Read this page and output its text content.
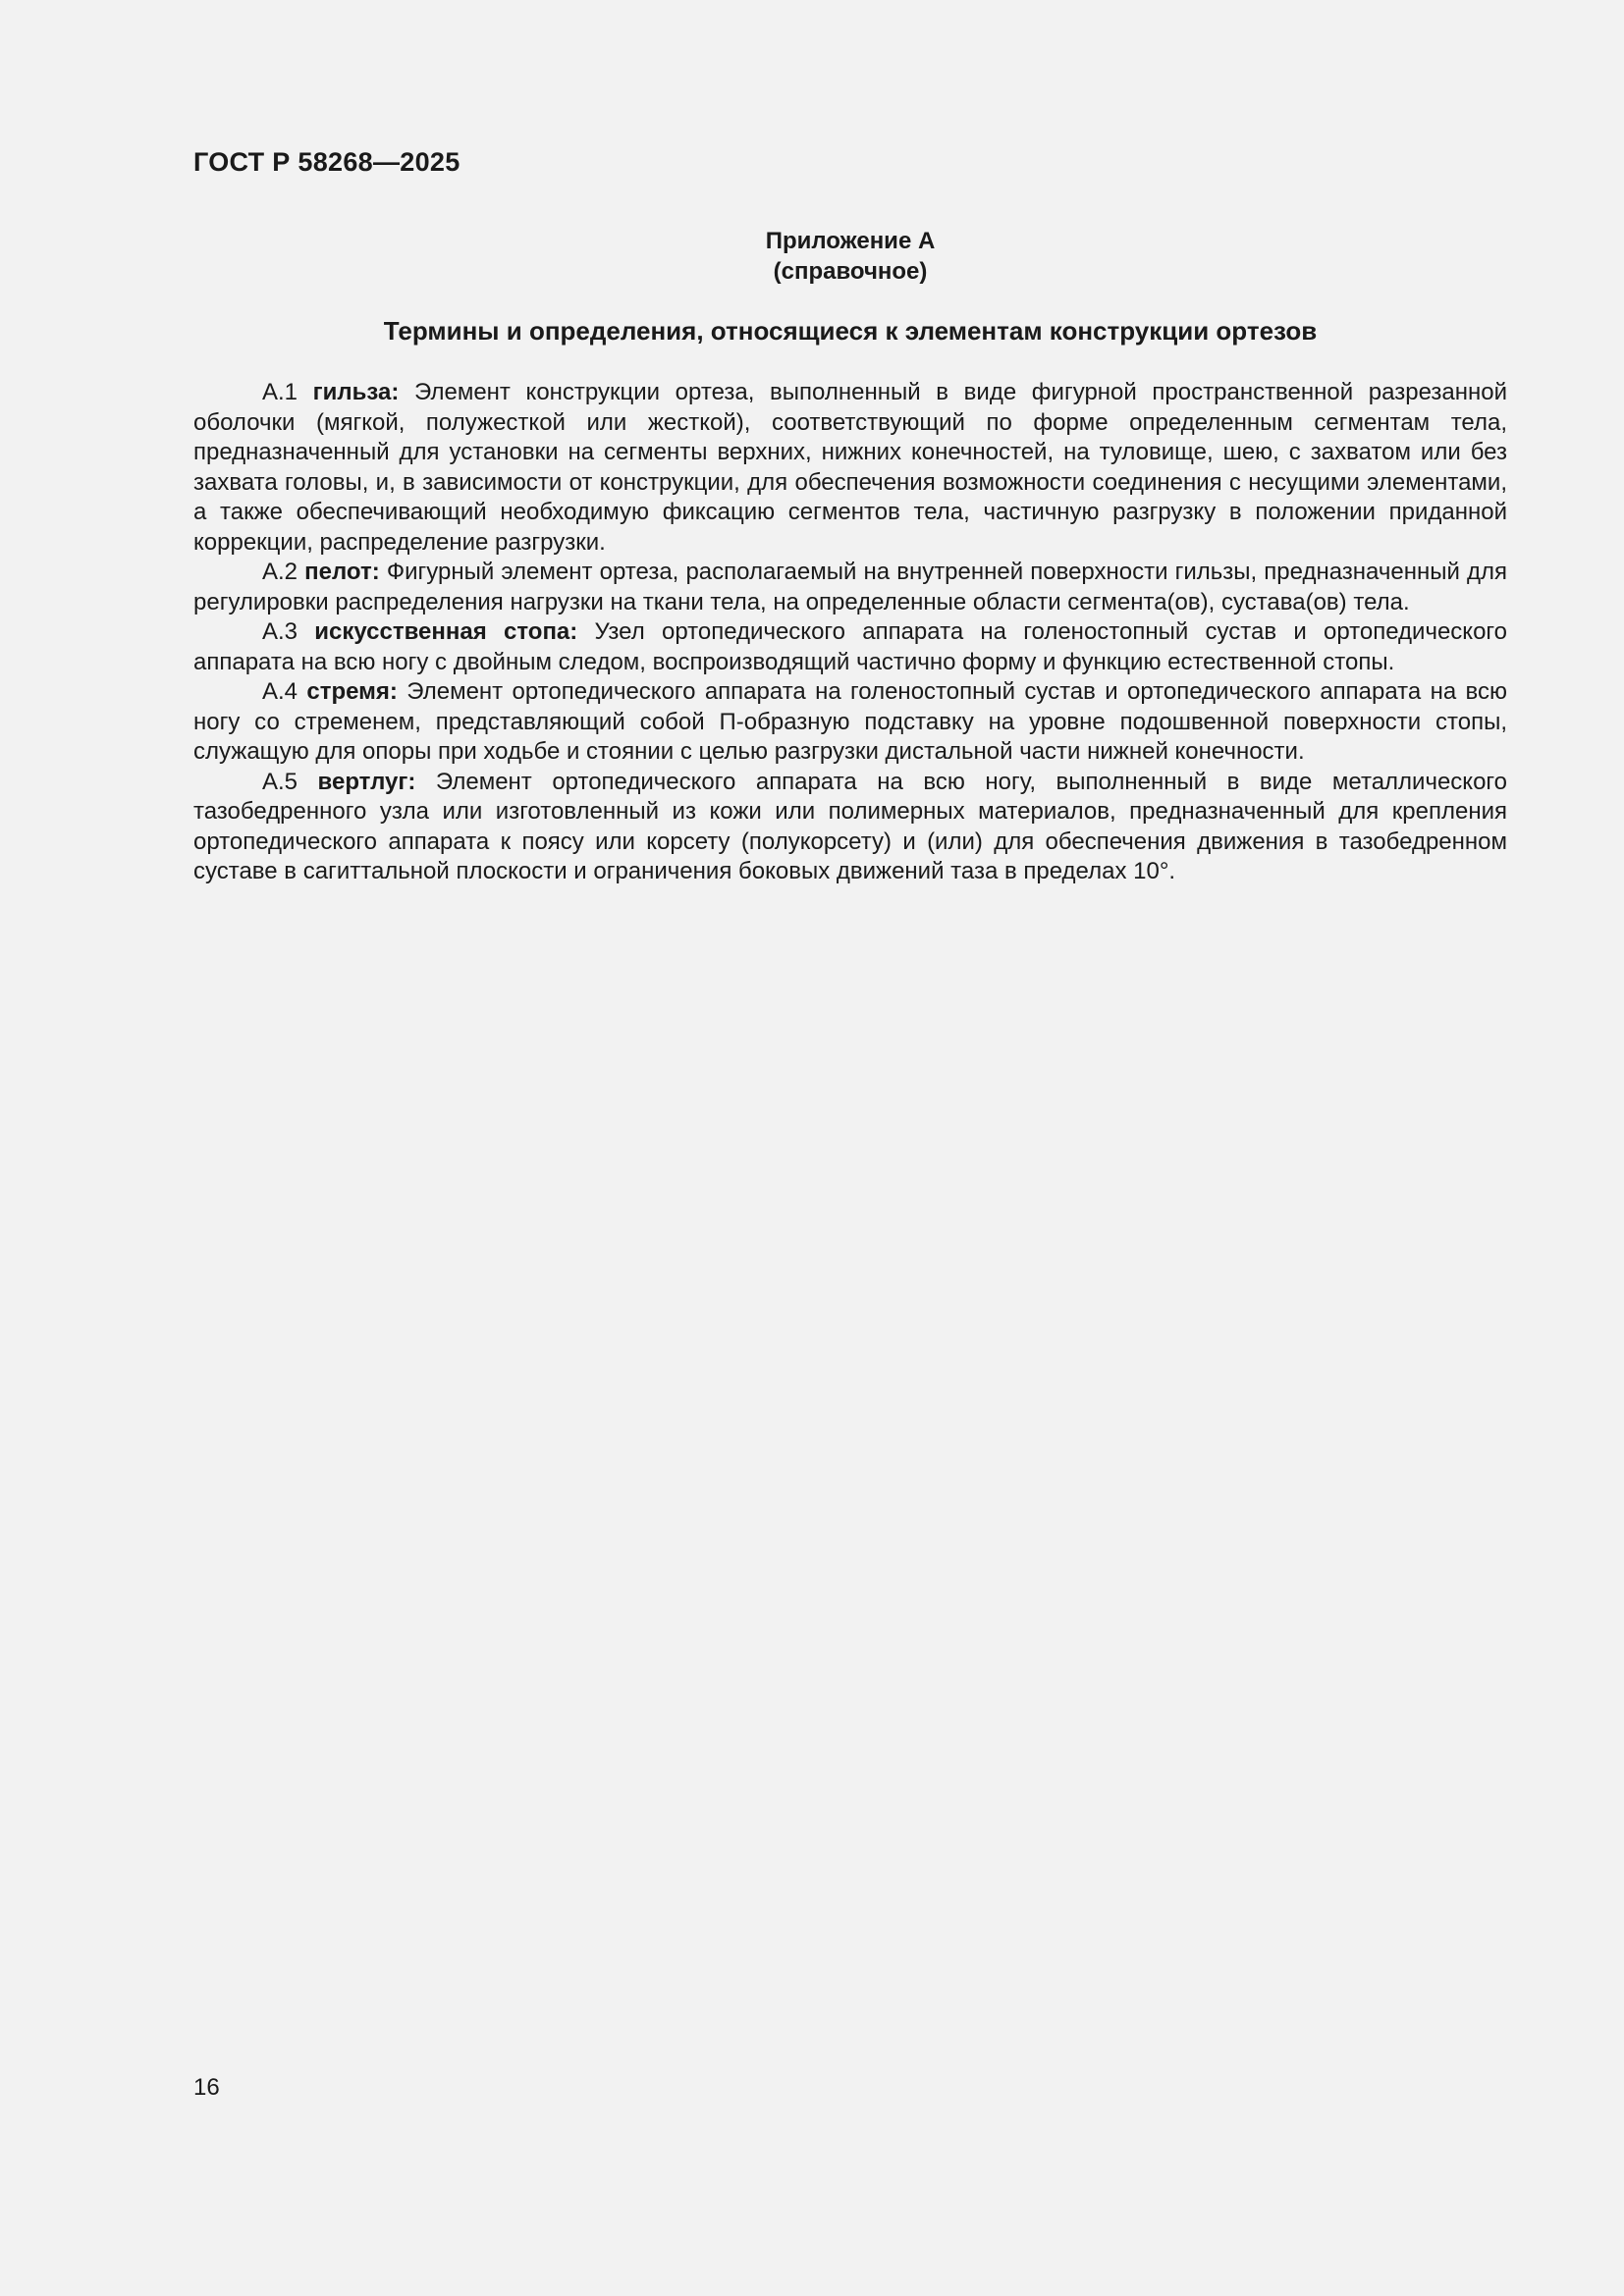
ГОСТ Р 58268—2025
Приложение А
(справочное)
Термины и определения, относящиеся к элементам конструкции ортезов

А.1 гильза: Элемент конструкции ортеза, выполненный в виде фигурной пространственной разрезанной оболочки (мягкой, полужесткой или жесткой), соответствующий по форме определенным сегментам тела, предназначенный для установки на сегменты верхних, нижних конечностей, на туловище, шею, с захватом или без захвата головы, и, в зависимости от конструкции, для обеспечения возможности соединения с несущими элементами, а также обеспечивающий необходимую фиксацию сегментов тела, частичную разгрузку в положении приданной коррекции, распределение разгрузки.

А.2 пелот: Фигурный элемент ортеза, располагаемый на внутренней поверхности гильзы, предназначенный для регулировки распределения нагрузки на ткани тела, на определенные области сегмента(ов), сустава(ов) тела.

А.3 искусственная стопа: Узел ортопедического аппарата на голеностопный сустав и ортопедического аппарата на всю ногу с двойным следом, воспроизводящий частично форму и функцию естественной стопы.

А.4 стремя: Элемент ортопедического аппарата на голеностопный сустав и ортопедического аппарата на всю ногу со стременем, представляющий собой П-образную подставку на уровне подошвенной поверхности стопы, служащую для опоры при ходьбе и стоянии с целью разгрузки дистальной части нижней конечности.

А.5 вертлуг: Элемент ортопедического аппарата на всю ногу, выполненный в виде металлического тазобедренного узла или изготовленный из кожи или полимерных материалов, предназначенный для крепления ортопедического аппарата к поясу или корсету (полукорсету) и (или) для обеспечения движения в тазобедренном суставе в сагиттальной плоскости и ограничения боковых движений таза в пределах 10°.

16
